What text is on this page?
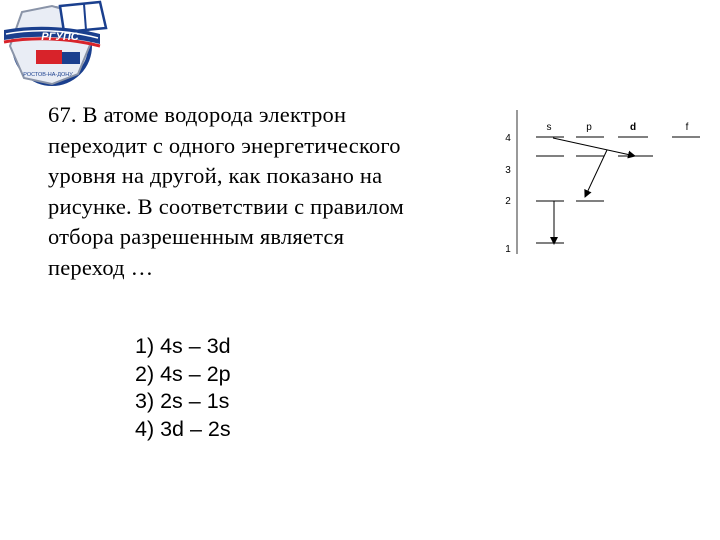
РГУПС
РОСТОВ-НА-ДОНУ
67. В атоме водорода электрон
переходит с одного энергетического
уровня на другой, как показано на
рисунке. В соответствии с правилом
отбора разрешенным является
переход …
1) 4s – 3d
2) 4s – 2p
3) 2s – 1s
4) 3d – 2s
s	p	d	f
4
3
2
1
